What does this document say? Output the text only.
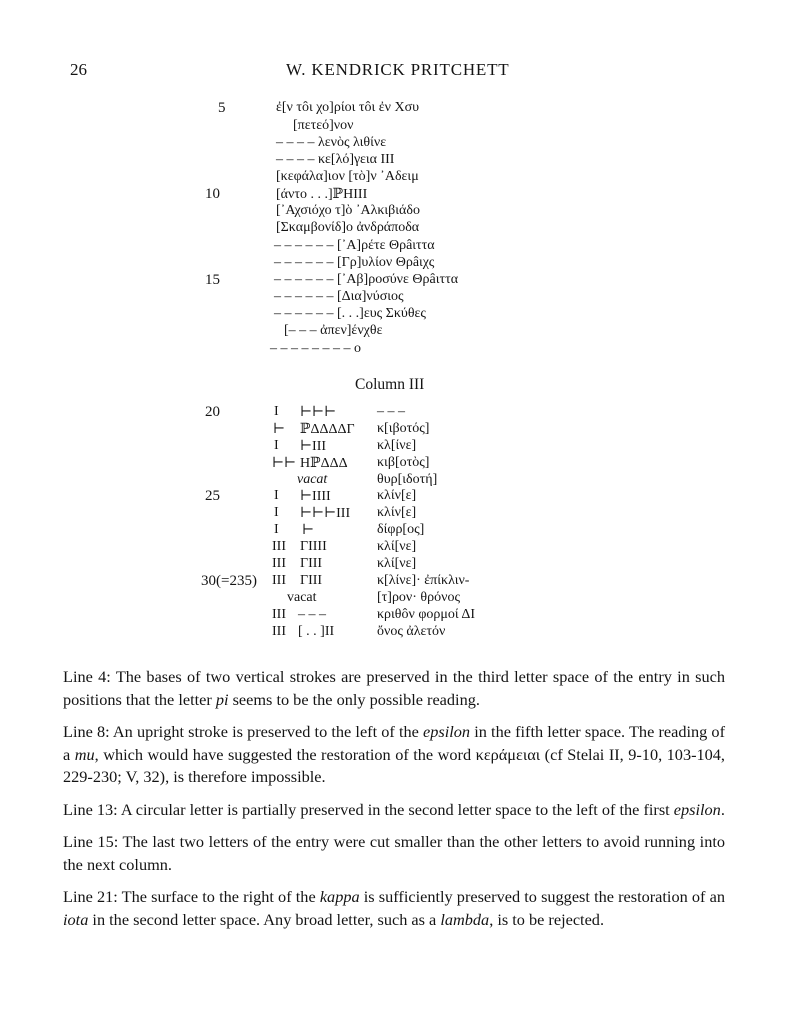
26	W. KENDRICK PRITCHETT
5
10
15
ἐ[ν τôι χο]ρίοι τôι ἐν Χσυ
[πετεό]νον
– – – – λενὸς λιθίνε
– – – – κε[λό]γεια III
[κεφάλα]ιον [τὸ]ν ᾽Αδειμ
[άντο . . .]ℙHIII
[᾽Αχσιόχο τ]ὸ ᾽Αλκιβιάδο
[Σκαμβονίδ]ο ἀνδράποδα
– – – – – – [᾽Α]ρέτε Θρâιττα
– – – – – – [Γρ]υλίον Θρâιχς
– – – – – – [᾽Αβ]ροσύνε Θρâιττα
– – – – – – [Δια]νύσιος
– – – – – – [. . .]ευς Σκύθες
[– – – ἀπεν]ένχθε
– – – – – – – – o
Column III
20
25
30(=235)
I
⊢
I
⊢⊢
I
I
I
III
III
III
III
III
⊢⊢⊢
ℙΔΔΔΔΓ
⊢III
HℙΔΔΔ
vacat
⊢IIII
⊢⊢⊢III
⊢
ΓIIII
ΓIII
ΓIII
vacat
– – –
[ . . ]II
– – –
κ[ιβοτός]
κλ[ίνε]
κιβ[οτὸς]
θυρ[ιδοτή]
κλίν[ε]
κλίν[ε]
δίφρ[ος]
κλί[νε]
κλί[νε]
κ[λίνε]· ἐπίκλιν-
[τ]ρον· θρόνος
κριθôν φορμοί ΔI
ὄνος ἀλετόν

Line 4: The bases of two vertical strokes are preserved in the third letter space of the entry in such positions that the letter pi seems to be the only possible reading.

Line 8: An upright stroke is preserved to the left of the epsilon in the fifth letter space. The reading of a mu, which would have suggested the restoration of the word κεράμειαι (cf Stelai II, 9-10, 103-104, 229-230; V, 32), is therefore impossible.

Line 13: A circular letter is partially preserved in the second letter space to the left of the first epsilon.

Line 15: The last two letters of the entry were cut smaller than the other letters to avoid running into the next column.

Line 21: The surface to the right of the kappa is sufficiently preserved to suggest the restoration of an iota in the second letter space. Any broad letter, such as a lambda, is to be rejected.
